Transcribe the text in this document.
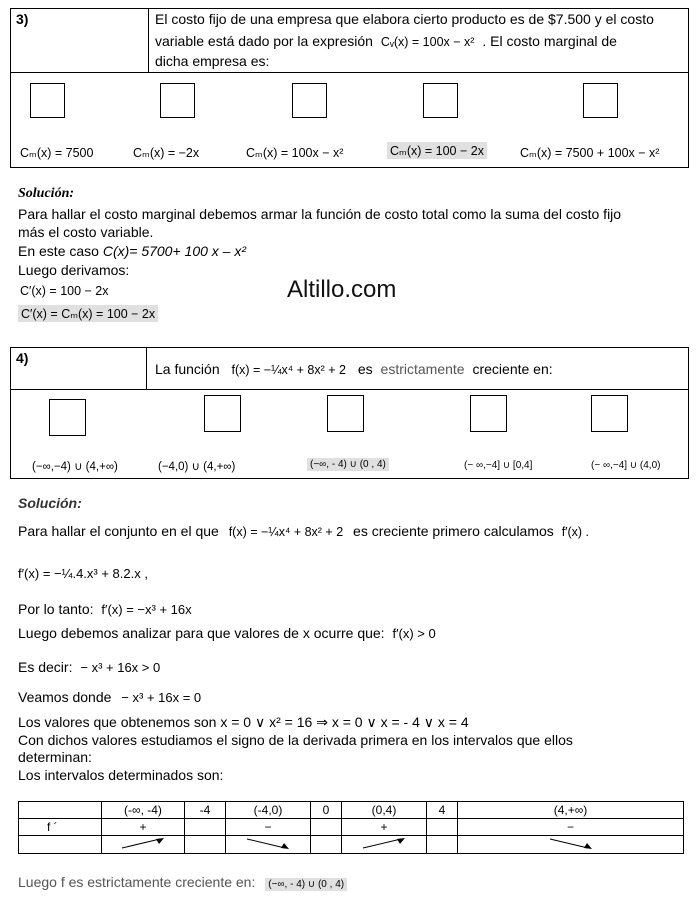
3)	El costo fijo de una empresa que elabora cierto producto es de $7.500 y el costo
variable está dado por la expresión Cᵥ(x) = 100x − x² . El costo marginal de
dicha empresa es:
Cₘ(x) = 7500	Cₘ(x) = −2x	Cₘ(x) = 100x − x²	Cₘ(x) = 100 − 2x	Cₘ(x) = 7500 + 100x − x²
Solución:
Para hallar el costo marginal debemos armar la función de costo total como la suma del costo fijo
más el costo variable.
En este caso C(x)= 5700+ 100 x – x²
Luego derivamos:
C′(x) = 100 − 2x
C′(x) = Cₘ(x) = 100 − 2x
Altillo.com
4)
La función f(x) = −¼x⁴ + 8x² + 2 es estrictamente creciente en:
(−∞,−4) ∪ (4,+∞)	(−4,0) ∪ (4,+∞)	(−∞, - 4) ∪ (0 , 4)	(− ∞,−4] ∪ [0,4]	(− ∞,−4] ∪ (4,0)
Solución:
Para hallar el conjunto en el que f(x) = −¼x⁴ + 8x² + 2 es creciente primero calculamos f′(x) .
f′(x) = −¼.4.x³ + 8.2.x ,
Por lo tanto: f′(x) = −x³ + 16x
Luego debemos analizar para que valores de x ocurre que: f′(x) > 0
Es decir: − x³ + 16x > 0
Veamos donde − x³ + 16x = 0
Los valores que obtenemos son x = 0 ∨ x² = 16 ⇒ x = 0 ∨ x = - 4 ∨ x = 4
Con dichos valores estudiamos el signo de la derivada primera en los intervalos que ellos
determinan:
Los intervalos determinados son:
	(-∞, -4)	-4	(-4,0)	0	(0,4)	4	(4,+∞)
f ´	+		−		+		−

Luego f es estrictamente creciente en: (−∞, - 4) ∪ (0 , 4)
